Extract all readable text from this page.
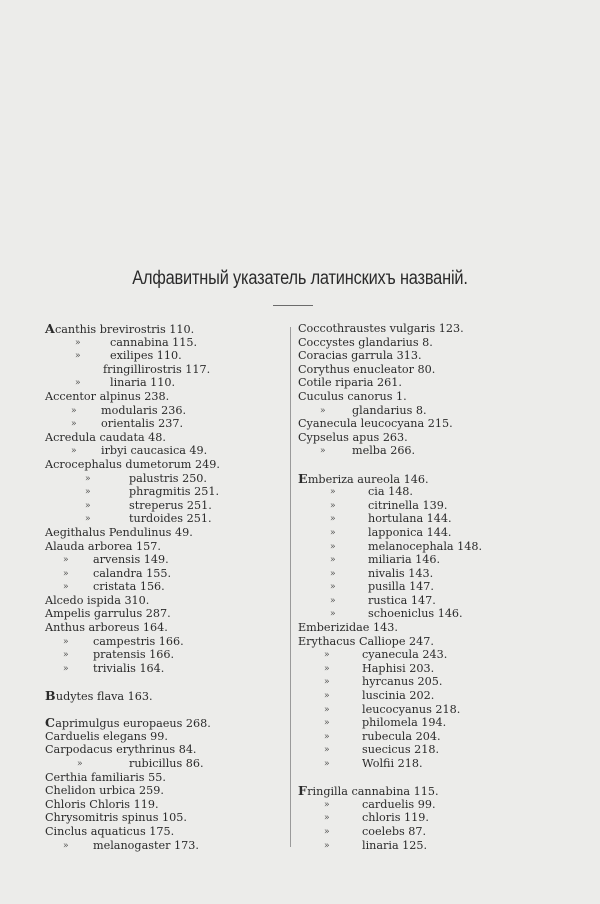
Алфавитный указатель латинскихъ названій.
Acanthis brevirostris 110.
»	cannabina 115.
»	exilipes 110.
fringillirostris 117.
»	linaria 110.
Accentor alpinus 238.
» modularis 236.
» orientalis 237.
Acredula caudata 48.
» irbyi caucasica 49.
Acrocephalus dumetorum 249.
»	palustris 250.
»	phragmitis 251.
»	streperus 251.
»	turdoides 251.
Aegithalus Pendulinus 49.
Alauda arborea 157.
» arvensis 149.
» calandra 155.
» cristata 156.
Alcedo ispida 310.
Ampelis garrulus 287.
Anthus arboreus 164.
» campestris 166.
» pratensis 166.
» trivialis 164.
Budytes flava 163.
Caprimulgus europaeus 268.
Carduelis elegans 99.
Carpodacus erythrinus 84.
»	rubicillus 86.
Certhia familiaris 55.
Chelidon urbica 259.
Chloris Chloris 119.
Chrysomitris spinus 105.
Cinclus aquaticus 175.
» melanogaster 173.
Coccothraustes vulgaris 123.
Coccystes glandarius 8.
Coracias garrula 313.
Corythus enucleator 80.
Cotile riparia 261.
Cuculus canorus 1.
» glandarius 8.
Cyanecula leucocyana 215.
Cypselus apus 263.
» melba 266.
Emberiza aureola 146.
»	cia 148.
»	citrinella 139.
»	hortulana 144.
»	lapponica 144.
»	melanocephala 148.
»	miliaria 146.
»	nivalis 143.
»	pusilla 147.
»	rustica 147.
»	schoeniclus 146.
Emberizidae 143.
Erythacus Calliope 247.
»	cyanecula 243.
»	Haphisi 203.
»	hyrcanus 205.
»	luscinia 202.
»	leucocyanus 218.
»	philomela 194.
»	rubecula 204.
»	suecicus 218.
»	Wolfii 218.
Fringilla cannabina 115.
»	carduelis 99.
»	chloris 119.
»	coelebs 87.
»	linaria 125.
